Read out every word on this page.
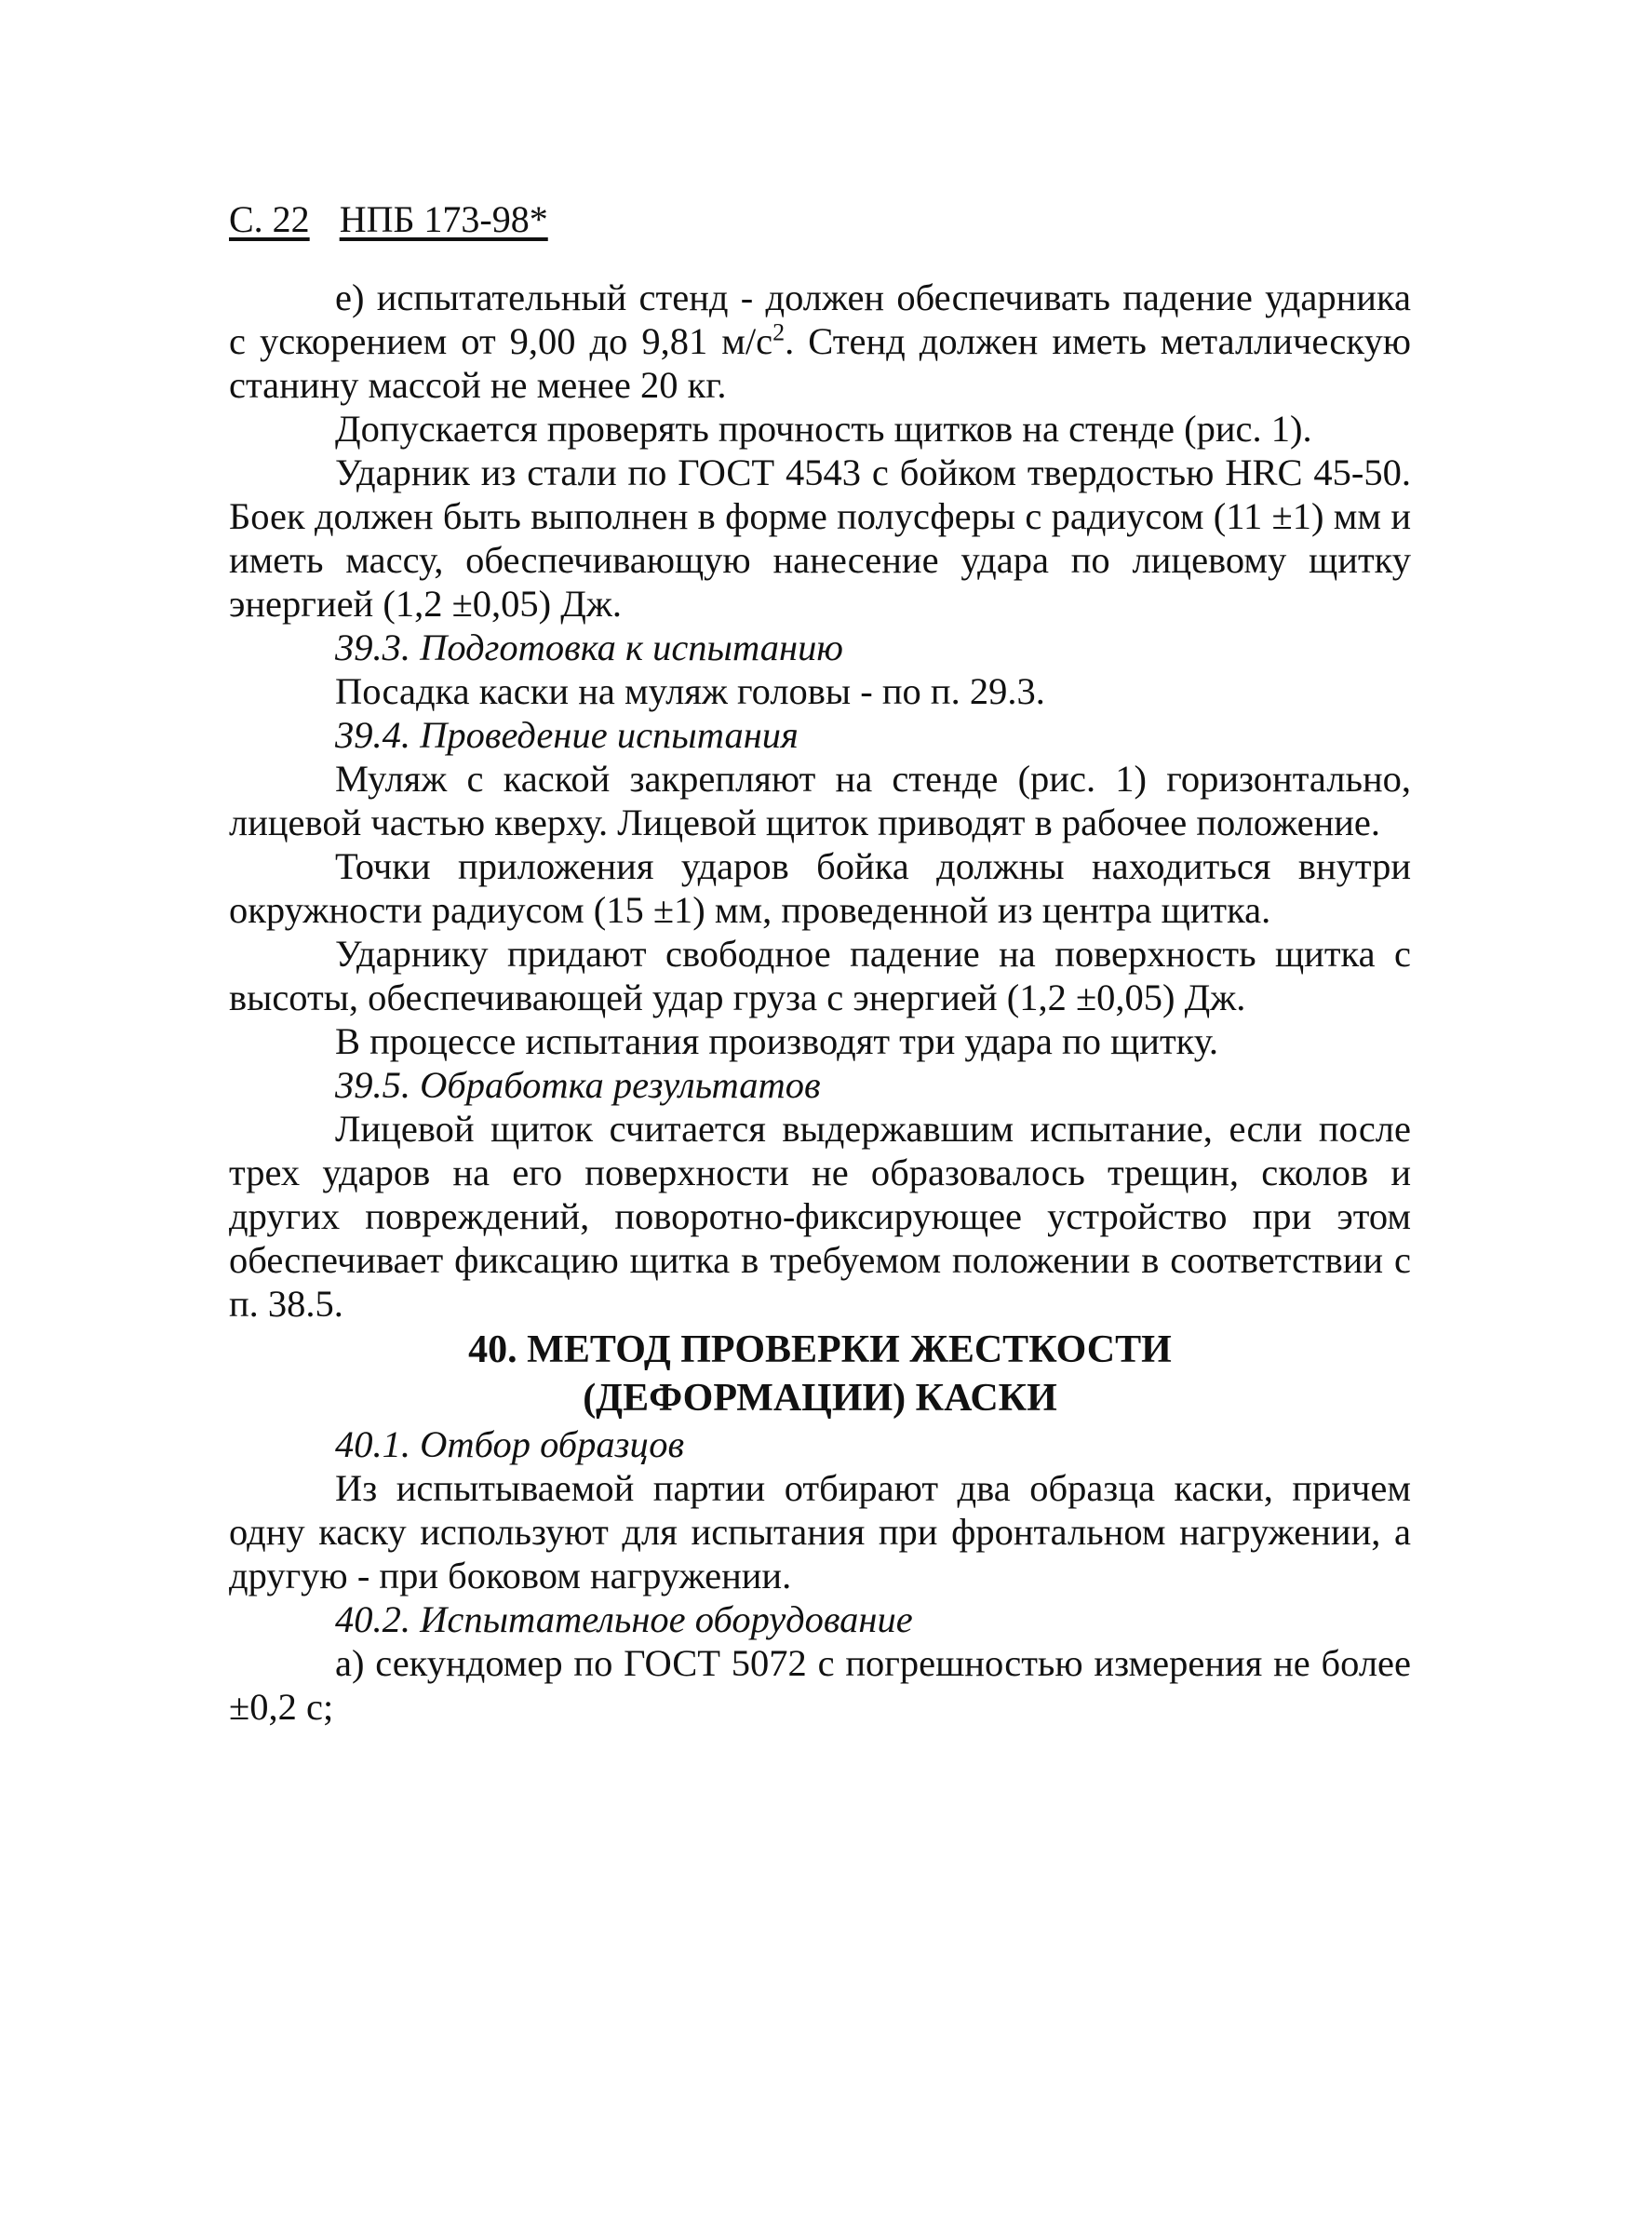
С. 22 НПБ 173-98*

е) испытательный стенд - должен обеспечивать падение ударника с ускорением от 9,00 до 9,81 $м/с^2$. Стенд должен иметь металлическую станину массой не менее 20 кг.

Допускается проверять прочность щитков на стенде (рис. 1).

Ударник из стали по ГОСТ 4543 с бойком твердостью HRC 45-50. Боек должен быть выполнен в форме полусферы с радиусом (11 ±1) мм и иметь массу, обеспечивающую нанесение удара по лицевому щитку энергией (1,2 ±0,05) Дж.

39.3. Подготовка к испытанию

Посадка каски на муляж головы - по п. 29.3.

39.4. Проведение испытания

Муляж с каской закрепляют на стенде (рис. 1) горизонтально, лицевой частью кверху. Лицевой щиток приводят в рабочее положение.

Точки приложения ударов бойка должны находиться внутри окружности радиусом (15 ±1) мм, проведенной из центра щитка.

Ударнику придают свободное падение на поверхность щитка с высоты, обеспечивающей удар груза с энергией (1,2 ±0,05) Дж.

В процессе испытания производят три удара по щитку.

39.5. Обработка результатов

Лицевой щиток считается выдержавшим испытание, если после трех ударов на его поверхности не образовалось трещин, сколов и других повреждений, поворотно-фиксирующее устройство при этом обеспечивает фиксацию щитка в требуемом положении в соответствии с п. 38.5.

40. МЕТОД ПРОВЕРКИ ЖЕСТКОСТИ
(ДЕФОРМАЦИИ) КАСКИ

40.1. Отбор образцов

Из испытываемой партии отбирают два образца каски, причем одну каску используют для испытания при фронтальном нагружении, а другую - при боковом нагружении.

40.2. Испытательное оборудование

а) секундомер по ГОСТ 5072 с погрешностью измерения не более ±0,2 с;
